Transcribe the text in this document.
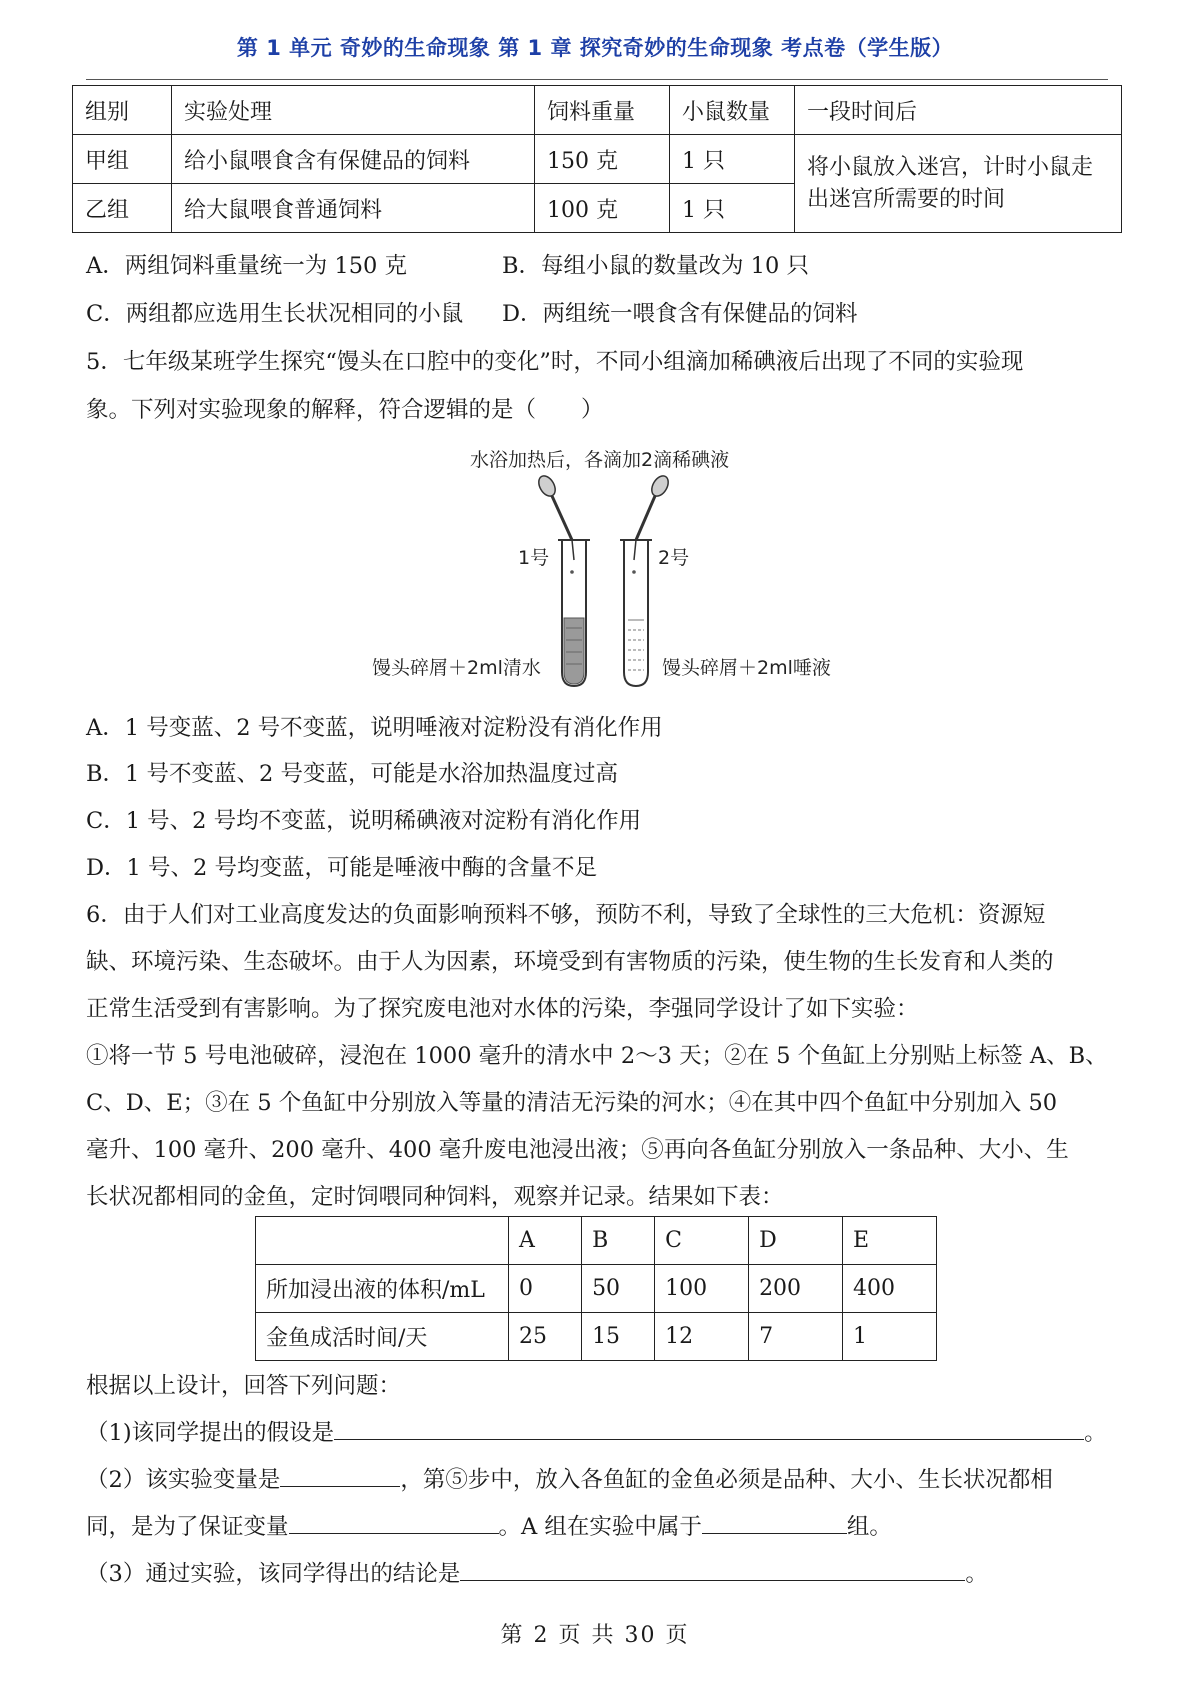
第 1 单元 奇妙的生命现象 第 1 章 探究奇妙的生命现象 考点卷（学生版）
组别	实验处理	饲料重量	小鼠数量	一段时间后
甲组	给小鼠喂食含有保健品的饲料	150 克	1 只	将小鼠放入迷宫，计时小鼠走出迷宫所需要的时间
乙组	给大鼠喂食普通饲料	100 克	1 只	
A．两组饲料重量统一为 150 克	B．每组小鼠的数量改为 10 只
C．两组都应选用生长状况相同的小鼠 D．两组统一喂食含有保健品的饲料
5．七年级某班学生探究“馒头在口腔中的变化”时，不同小组滴加稀碘液后出现了不同的实验现
象。下列对实验现象的解释，符合逻辑的是（　　）
水浴加热后，各滴加2滴稀碘液
1号	2号
馒头碎屑＋2ml清水	馒头碎屑＋2ml唾液
A．1 号变蓝、2 号不变蓝，说明唾液对淀粉没有消化作用
B．1 号不变蓝、2 号变蓝，可能是水浴加热温度过高
C．1 号、2 号均不变蓝，说明稀碘液对淀粉有消化作用
D．1 号、2 号均变蓝，可能是唾液中酶的含量不足
6．由于人们对工业高度发达的负面影响预料不够，预防不利，导致了全球性的三大危机：资源短
缺、环境污染、生态破坏。由于人为因素，环境受到有害物质的污染，使生物的生长发育和人类的
正常生活受到有害影响。为了探究废电池对水体的污染，李强同学设计了如下实验：
①将一节 5 号电池破碎，浸泡在 1000 毫升的清水中 2～3 天；②在 5 个鱼缸上分别贴上标签 A、B、
C、D、E；③在 5 个鱼缸中分别放入等量的清洁无污染的河水；④在其中四个鱼缸中分别加入 50
毫升、100 毫升、200 毫升、400 毫升废电池浸出液；⑤再向各鱼缸分别放入一条品种、大小、生
长状况都相同的金鱼，定时饲喂同种饲料，观察并记录。结果如下表：
	A	B	C	D	E
所加浸出液的体积/mL	0	50	100	200	400
金鱼成活时间/天	25	15	12	7	1
根据以上设计，回答下列问题：
（1)该同学提出的假设是	。
（2）该实验变量是	，第⑤步中，放入各鱼缸的金鱼必须是品种、大小、生长状况都相
同，是为了保证变量	。A 组在实验中属于	组。
（3）通过实验，该同学得出的结论是	。
第 2 页 共 30 页
